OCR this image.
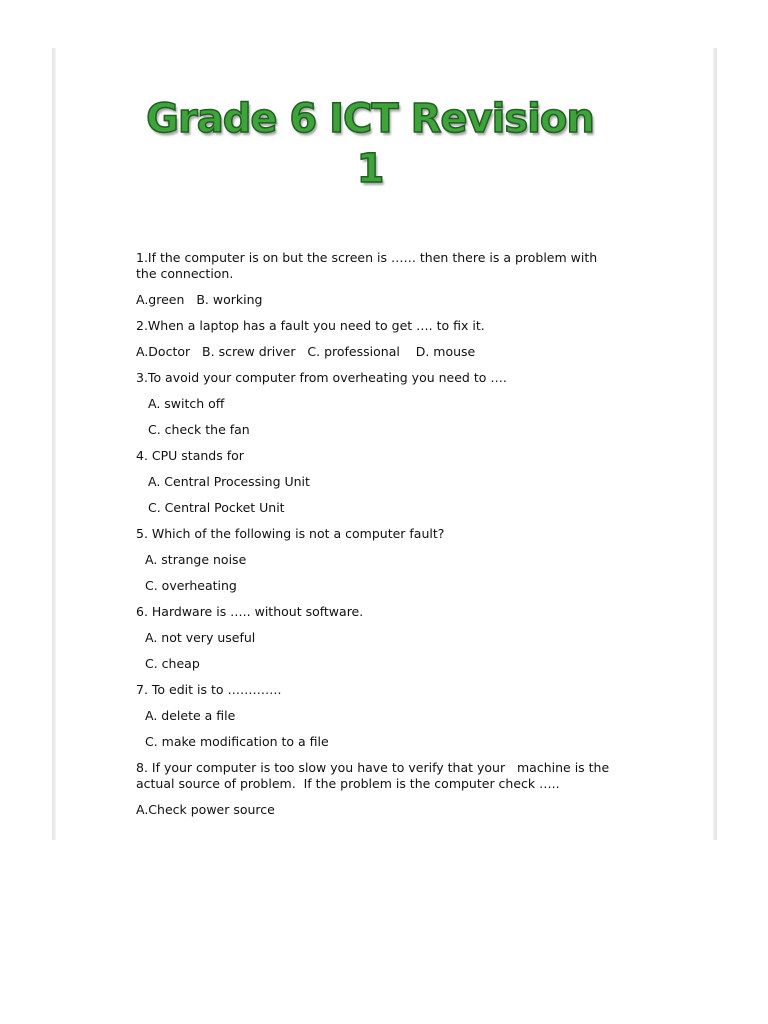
Grade 6 ICT Revision
1
1.If the computer is on but the screen is …… then there is a problem with the connection.
A.green   B. working
2.When a laptop has a fault you need to get …. to fix it.
A.Doctor   B. screw driver   C. professional    D. mouse
3.To avoid your computer from overheating you need to ….
A. switch off
C. check the fan
4. CPU stands for
A. Central Processing Unit
C. Central Pocket Unit
5. Which of the following is not a computer fault?
A. strange noise
C. overheating
6. Hardware is ….. without software.
A. not very useful
C. cheap
7. To edit is to ………….
A. delete a file
C. make modification to a file
8. If your computer is too slow you have to verify that your   machine is the actual source of problem.  If the problem is the computer check …..
A.Check power source
